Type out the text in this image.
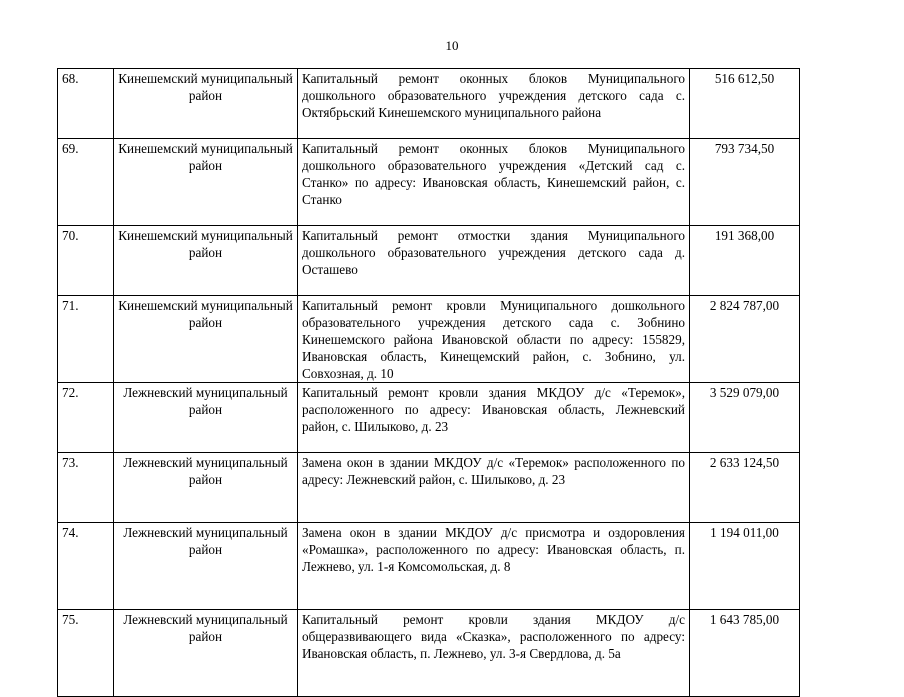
10
68.	Кинешемский муниципальный район	Капитальный ремонт оконных блоков Муниципального дошкольного образовательного учреждения детского сада с. Октябрьский Кинешемского муниципального района	516 612,50
69.	Кинешемский муниципальный район	Капитальный ремонт оконных блоков Муниципального дошкольного образовательного учреждения «Детский сад с. Станко» по адресу: Ивановская область, Кинешемский район, с. Станко	793 734,50
70.	Кинешемский муниципальный район	Капитальный ремонт отмостки здания Муниципального дошкольного образовательного учреждения детского сада д. Осташево	191 368,00
71.	Кинешемский муниципальный район	Капитальный ремонт кровли Муниципального дошкольного образовательного учреждения детского сада с. Зобнино Кинешемского района Ивановской области по адресу: 155829, Ивановская область, Кинещемский район, с. Зобнино, ул. Совхозная, д. 10	2 824 787,00
72.	Лежневский муниципальный район	Капитальный ремонт кровли здания МКДОУ д/с «Теремок», расположенного по адресу: Ивановская область, Лежневский район, с. Шилыково, д. 23	3 529 079,00
73.	Лежневский муниципальный район	Замена окон в здании МКДОУ д/с «Теремок» расположенного по адресу: Лежневский район, с. Шилыково, д. 23	2 633 124,50
74.	Лежневский муниципальный район	Замена окон в здании МКДОУ д/с присмотра и оздоровления «Ромашка», расположенного по адресу: Ивановская область, п. Лежнево, ул. 1-я Комсомольская, д. 8	1 194 011,00
75.	Лежневский муниципальный район	Капитальный ремонт кровли здания МКДОУ д/с общеразвивающего вида «Сказка», расположенного по адресу: Ивановская область, п. Лежнево, ул. 3-я Свердлова, д. 5а	1 643 785,00
